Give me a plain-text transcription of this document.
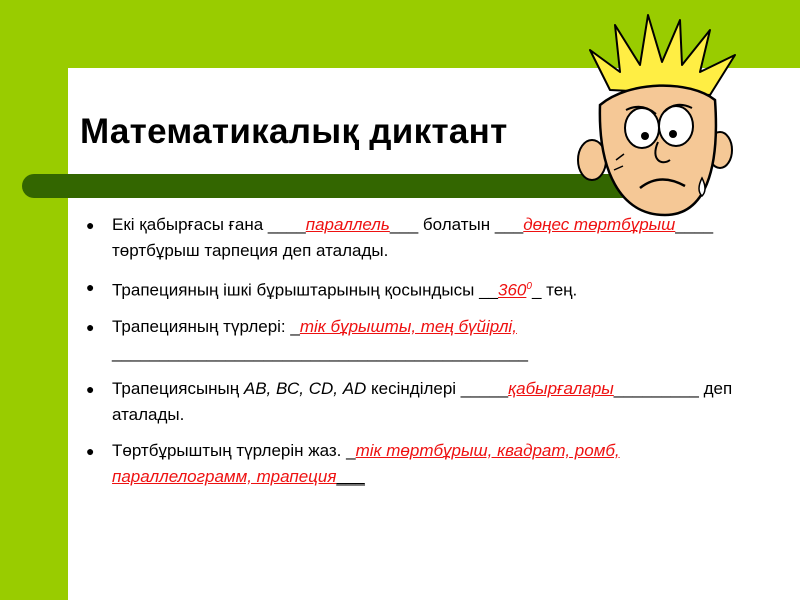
Математикалық диктант
● Екі қабырғасы ғана ____параллель___ болатын ___дөңес төртбұрыш____ төртбұрыш тарпеция деп аталады.
● Трапецияның ішкі бұрыштарының қосындысы $\_\_360^0\_$ тең.
● Трапецияның түрлері: _тік бұрышты, тең бүйірлі,
____________________________________________
● Трапециясының АВ, ВС, СD, АD кесінділері _____қабырғалары_________ деп аталады.
● Төртбұрыштың түрлерін жаз. _тік төртбұрыш, квадрат, ромб, параллелограмм, трапеция___
